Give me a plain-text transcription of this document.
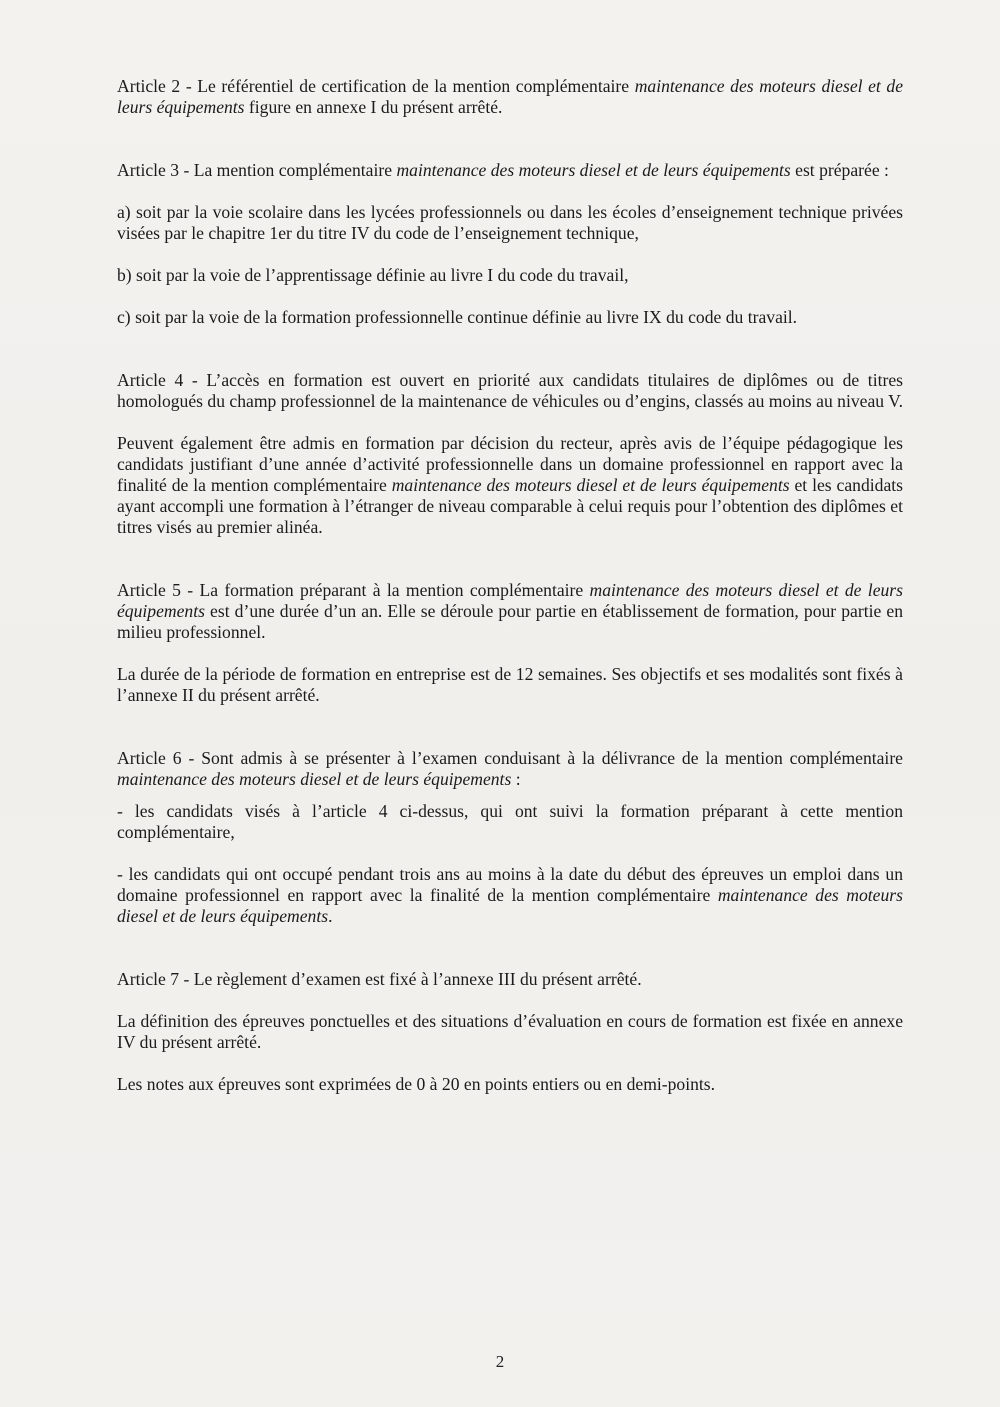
Article 2 - Le référentiel de certification de la mention complémentaire maintenance des moteurs diesel et de leurs équipements figure en annexe I du présent arrêté.

Article 3 - La mention complémentaire maintenance des moteurs diesel et de leurs équipements est préparée :

a) soit par la voie scolaire dans les lycées professionnels ou dans les écoles d’enseignement technique privées visées par le chapitre 1er du titre IV du code de l’enseignement technique,

b) soit par la voie de l’apprentissage définie au livre I du code du travail,

c) soit par la voie de la formation professionnelle continue définie au livre IX du code du travail.

Article 4 - L’accès en formation est ouvert en priorité aux candidats titulaires de diplômes ou de titres homologués du champ professionnel de la maintenance de véhicules ou d’engins, classés au moins au niveau V.

Peuvent également être admis en formation par décision du recteur, après avis de l’équipe pédagogique les candidats justifiant d’une année d’activité professionnelle dans un domaine professionnel en rapport avec la finalité de la mention complémentaire maintenance des moteurs diesel et de leurs équipements et les candidats ayant accompli une formation à l’étranger de niveau comparable à celui requis pour l’obtention des diplômes et titres visés au premier alinéa.

Article 5 - La formation préparant à la mention complémentaire maintenance des moteurs diesel et de leurs équipements est d’une durée d’un an. Elle se déroule pour partie en établissement de formation, pour partie en milieu professionnel.

La durée de la période de formation en entreprise est de 12 semaines. Ses objectifs et ses modalités sont fixés à l’annexe II du présent arrêté.

Article 6 - Sont admis à se présenter à l’examen conduisant à la délivrance de la mention complémentaire maintenance des moteurs diesel et de leurs équipements :

- les candidats visés à l’article 4 ci-dessus, qui ont suivi la formation préparant à cette mention complémentaire,

- les candidats qui ont occupé pendant trois ans au moins à la date du début des épreuves un emploi dans un domaine professionnel en rapport avec la finalité de la mention complémentaire maintenance des moteurs diesel et de leurs équipements.

Article 7 - Le règlement d’examen est fixé à l’annexe III du présent arrêté.

La définition des épreuves ponctuelles et des situations d’évaluation en cours de formation est fixée en annexe IV du présent arrêté.

Les notes aux épreuves sont exprimées de 0 à 20 en points entiers ou en demi-points.

2
